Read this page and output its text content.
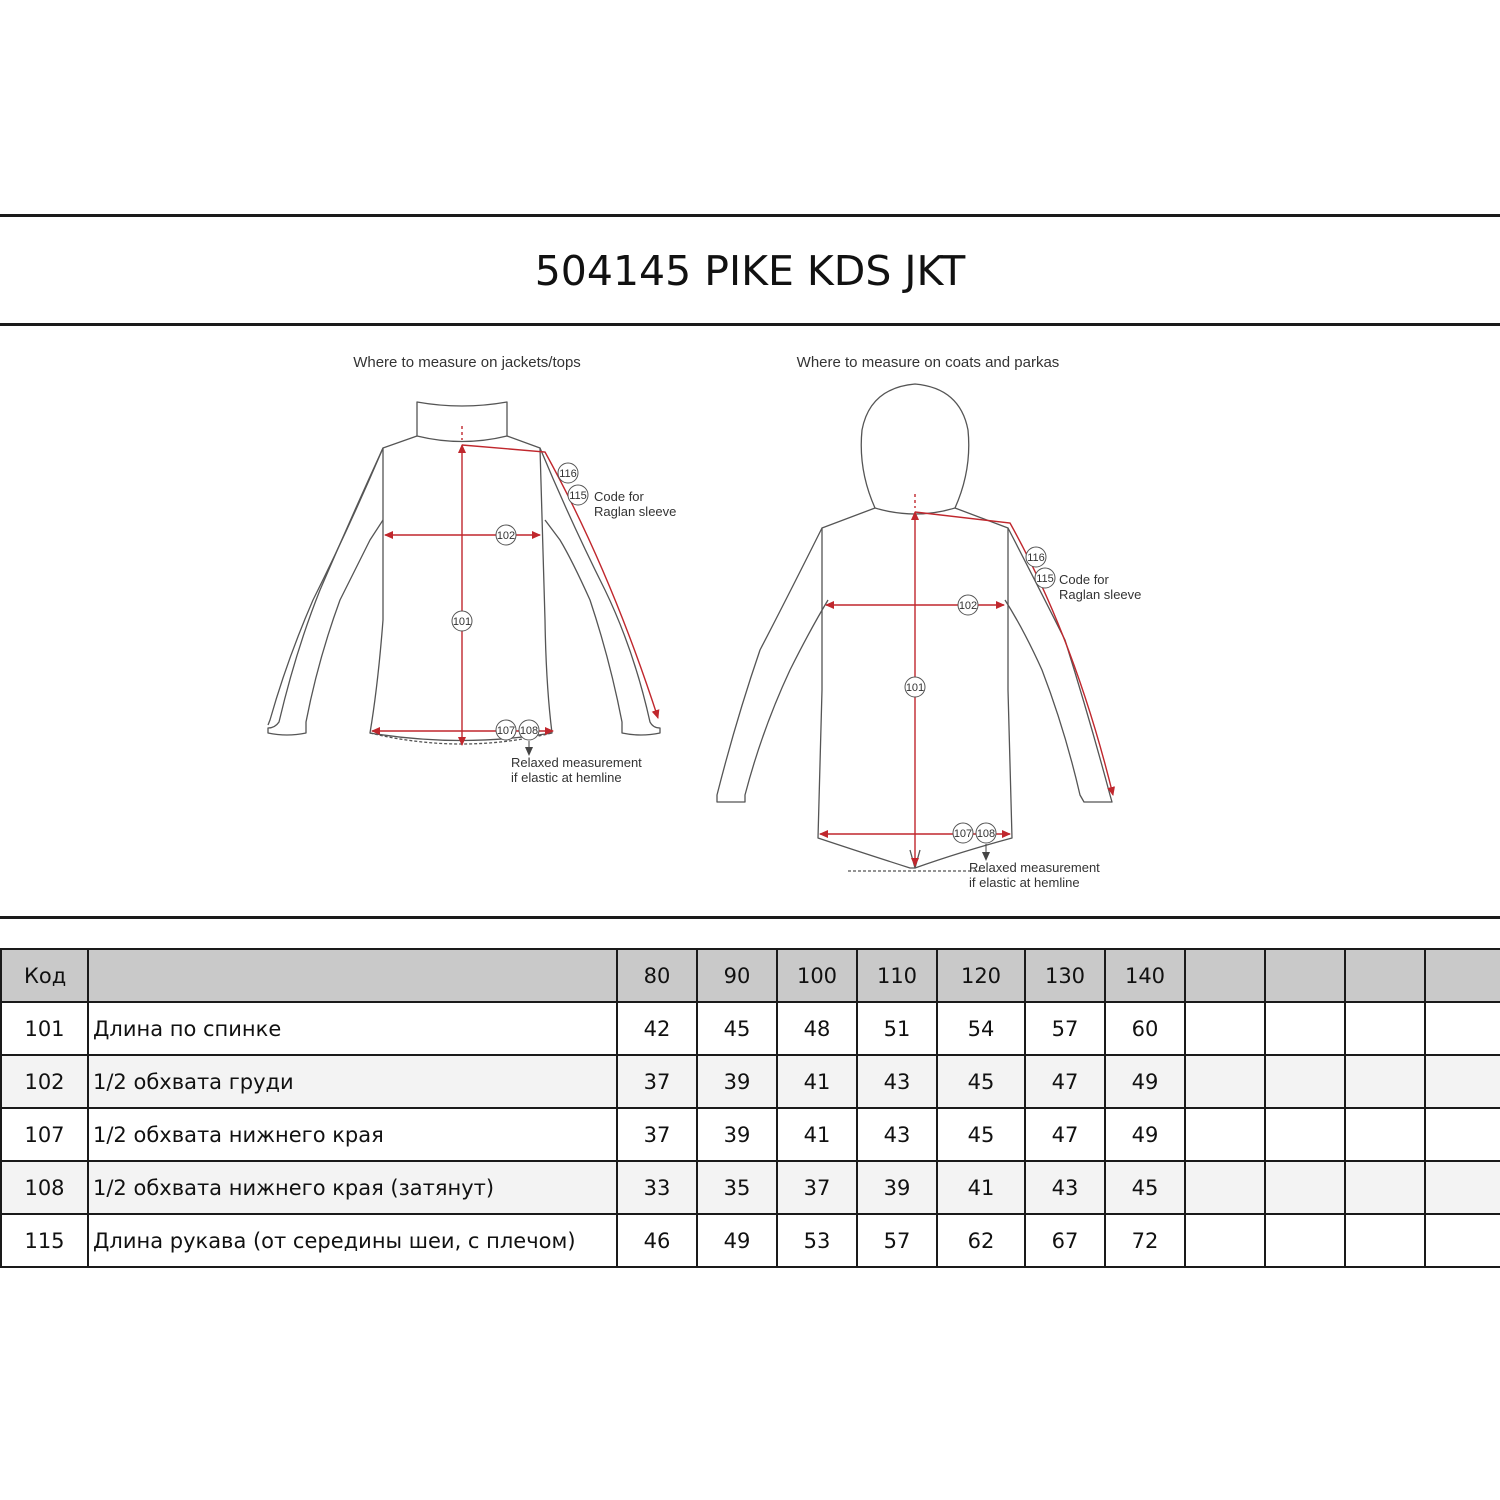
504145 PIKE KDS JKT
Where to measure on jackets/tops
116
115
102
101
107 108
Code for
Raglan sleeve
Relaxed measurement
if elastic at hemline
Where to measure on coats and parkas
116
115
102
101
107 108
Code for
Raglan sleeve
Relaxed measurement
if elastic at hemline
Код		80	90	100	110	120	130	140				
101	Длина по спинке	42	45	48	51	54	57	60				
102	1/2 обхвата груди	37	39	41	43	45	47	49				
107	1/2 обхвата нижнего края	37	39	41	43	45	47	49				
108	1/2 обхвата нижнего края (затянут)	33	35	37	39	41	43	45				
115	Длина рукава (от середины шеи, с плечом)	46	49	53	57	62	67	72				
